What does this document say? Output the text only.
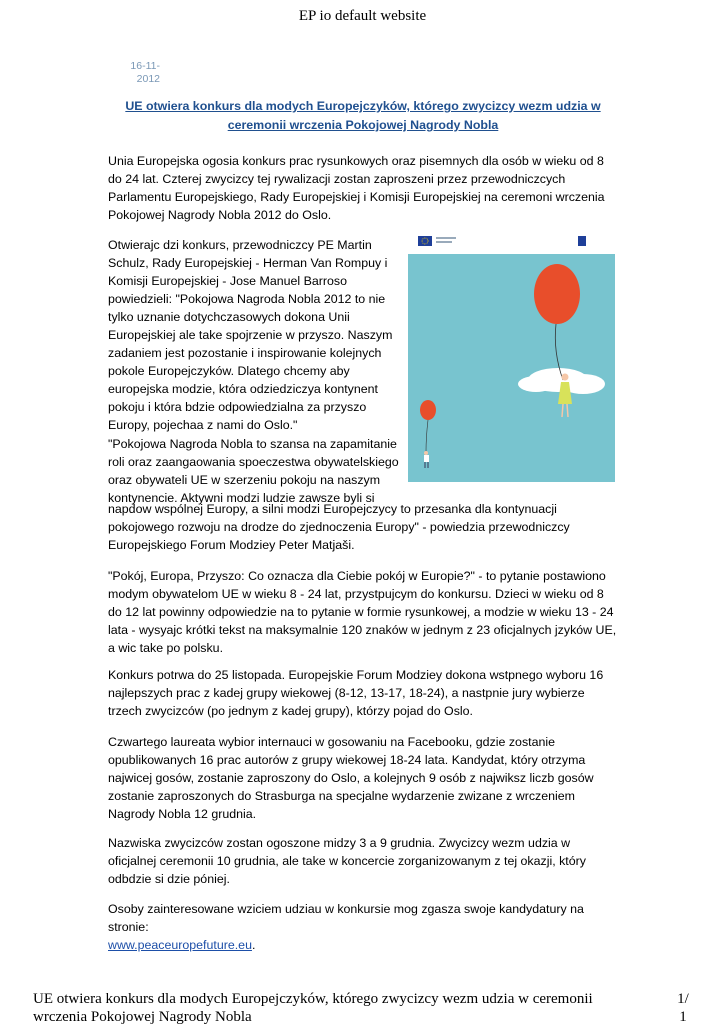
EP io default website
16-11-2012
UE otwiera konkurs dla modych Europejczyków, którego zwycizcy wezm udzia w ceremonii wrczenia Pokojowej Nagrody Nobla

Unia Europejska ogosia konkurs prac rysunkowych oraz pisemnych dla osób w wieku od 8 do 24 lat. Czterej zwycizcy tej rywalizacji zostan zaproszeni przez przewodniczcych Parlamentu Europejskiego, Rady Europejskiej i Komisji Europejskiej na ceremoni wrczenia Pokojowej Nagrody Nobla 2012 do Oslo.

Otwierajc dzi konkurs, przewodniczcy PE Martin Schulz, Rady Europejskiej - Herman Van Rompuy i Komisji Europejskiej - Jose Manuel Barroso powiedzieli: "Pokojowa Nagroda Nobla 2012 to nie tylko uznanie dotychczasowych dokona Unii Europejskiej ale take spojrzenie w przyszo. Naszym zadaniem jest pozostanie i inspirowanie kolejnych pokole Europejczyków. Dlatego chcemy aby europejska modzie, która odziedziczya kontynent pokoju i która bdzie odpowiedzialna za przyszo Europy, pojechaa z nami do Oslo."

"Pokojowa Nagroda Nobla to szansa na zapamitanie roli oraz zaangaowania spoeczestwa obywatelskiego oraz obywateli UE w szerzeniu pokoju na naszym kontynencie. Aktywni modzi ludzie zawsze byli si

napdow wspólnej Europy, a silni modzi Europejczycy to przesanka dla kontynuacji pokojowego rozwoju na drodze do zjednoczenia Europy" - powiedzia przewodniczcy Europejskiego Forum Modziey Peter Matjaši.

"Pokój, Europa, Przyszo: Co oznacza dla Ciebie pokój w Europie?" - to pytanie postawiono modym obywatelom UE w wieku 8 - 24 lat, przystpujcym do konkursu. Dzieci w wieku od 8 do 12 lat powinny odpowiedzie na to pytanie w formie rysunkowej, a modzie w wieku 13 - 24 lata - wysyajc krótki tekst na maksymalnie 120 znaków w jednym z 23 oficjalnych jzyków UE, a wic take po polsku.

Konkurs potrwa do 25 listopada. Europejskie Forum Modziey dokona wstpnego wyboru 16 najlepszych prac z kadej grupy wiekowej (8-12, 13-17, 18-24), a nastpnie jury wybierze trzech zwycizców (po jednym z kadej grupy), którzy pojad do Oslo.

Czwartego laureata wybior internauci w gosowaniu na Facebooku, gdzie zostanie opublikowanych 16 prac autorów z grupy wiekowej 18-24 lata. Kandydat, który otrzyma najwicej gosów, zostanie zaproszony do Oslo, a kolejnych 9 osób z najwiksz liczb gosów zostanie zaproszonych do Strasburga na specjalne wydarzenie zwizane z wrczeniem Nagrody Nobla 12 grudnia.

Nazwiska zwycizców zostan ogoszone midzy 3 a 9 grudnia. Zwycizcy wezm udzia w oficjalnej ceremonii 10 grudnia, ale take w koncercie zorganizowanym z tej okazji, który odbdzie si dzie póniej.

Osoby zainteresowane wziciem udziau w konkursie mog zgasza swoje kandydatury na stronie:
www.peaceuropefuture.eu.

UE otwiera konkurs dla modych Europejczyków, którego zwycizcy wezm udzia w ceremonii wrczenia Pokojowej Nagrody Nobla
1/ 1
